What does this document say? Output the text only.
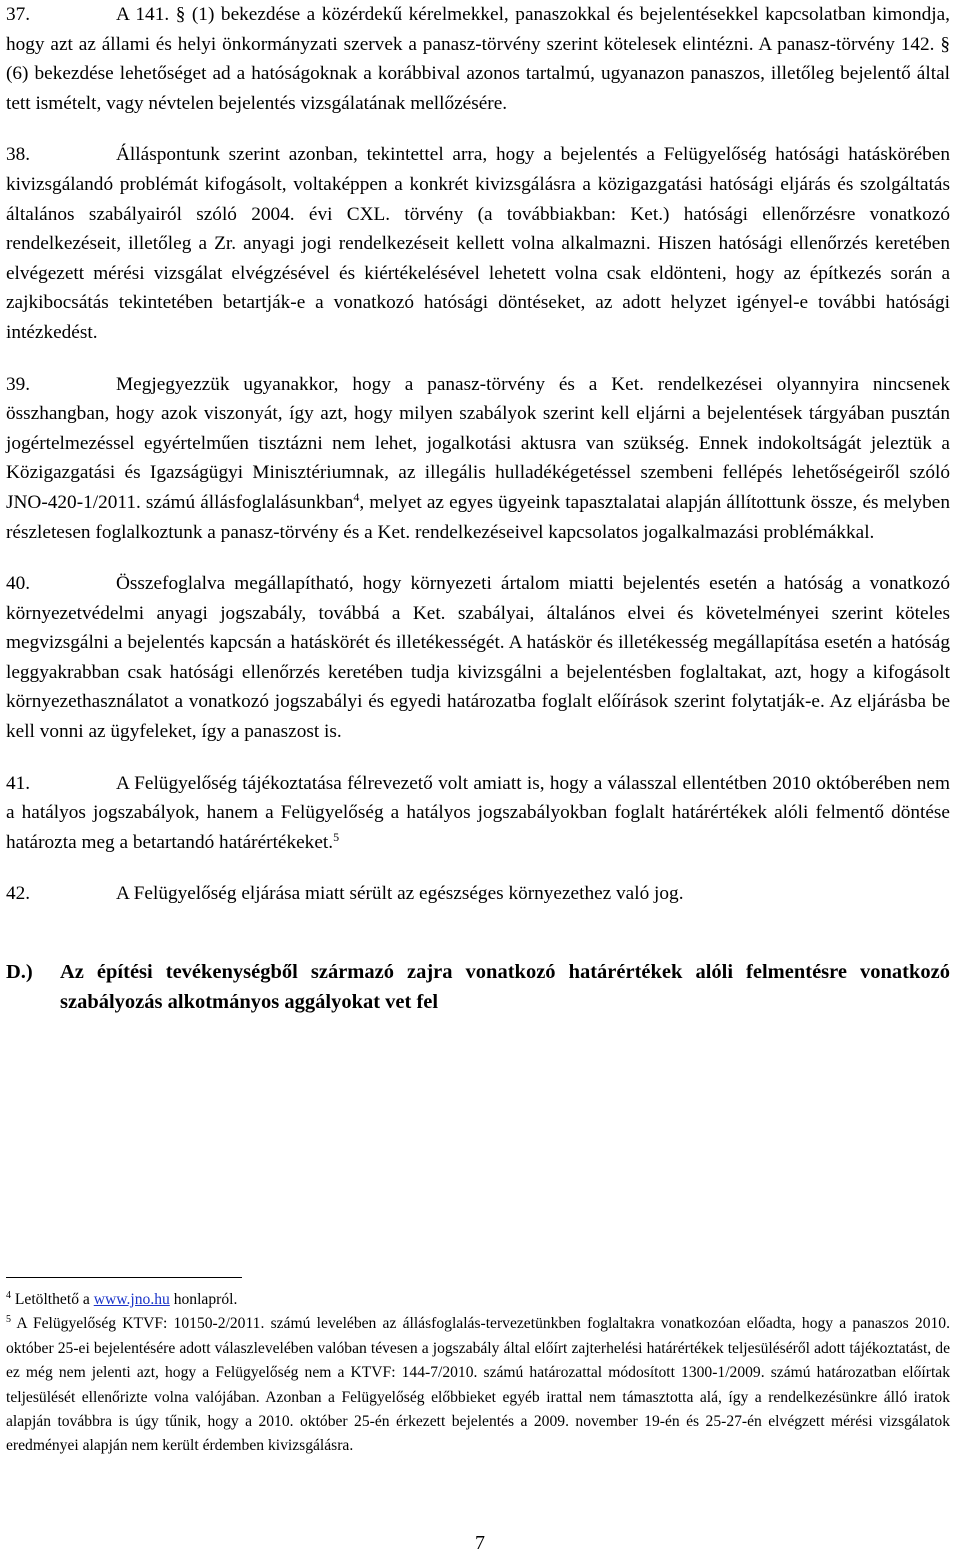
37.	A 141. § (1) bekezdése a közérdekű kérelmekkel, panaszokkal és bejelentésekkel kapcsolatban kimondja, hogy azt az állami és helyi önkormányzati szervek a panasz-törvény szerint kötelesek elintézni. A panasz-törvény 142. § (6) bekezdése lehetőséget ad a hatóságoknak a korábbival azonos tartalmú, ugyanazon panaszos, illetőleg bejelentő által tett ismételt, vagy névtelen bejelentés vizsgálatának mellőzésére.

38.	Álláspontunk szerint azonban, tekintettel arra, hogy a bejelentés a Felügyelőség hatósági hatáskörében kivizsgálandó problémát kifogásolt, voltaképpen a konkrét kivizsgálásra a közigazgatási hatósági eljárás és szolgáltatás általános szabályairól szóló 2004. évi CXL. törvény (a továbbiakban: Ket.) hatósági ellenőrzésre vonatkozó rendelkezéseit, illetőleg a Zr. anyagi jogi rendelkezéseit kellett volna alkalmazni. Hiszen hatósági ellenőrzés keretében elvégezett mérési vizsgálat elvégzésével és kiértékelésével lehetett volna csak eldönteni, hogy az építkezés során a zajkibocsátás tekintetében betartják-e a vonatkozó hatósági döntéseket, az adott helyzet igényel-e további hatósági intézkedést.

39.	Megjegyezzük ugyanakkor, hogy a panasz-törvény és a Ket. rendelkezései olyannyira nincsenek összhangban, hogy azok viszonyát, így azt, hogy milyen szabályok szerint kell eljárni a bejelentések tárgyában pusztán jogértelmezéssel egyértelműen tisztázni nem lehet, jogalkotási aktusra van szükség. Ennek indokoltságát jeleztük a Közigazgatási és Igazságügyi Minisztériumnak, az illegális hulladékégetéssel szembeni fellépés lehetőségeiről szóló JNO-420-1/2011. számú állásfoglalásunkban$^4$, melyet az egyes ügyeink tapasztalatai alapján állítottunk össze, és melyben részletesen foglalkoztunk a panasz-törvény és a Ket. rendelkezéseivel kapcsolatos jogalkalmazási problémákkal.

40.	Összefoglalva megállapítható, hogy környezeti ártalom miatti bejelentés esetén a hatóság a vonatkozó környezetvédelmi anyagi jogszabály, továbbá a Ket. szabályai, általános elvei és követelményei szerint köteles megvizsgálni a bejelentés kapcsán a hatáskörét és illetékességét. A hatáskör és illetékesség megállapítása esetén a hatóság leggyakrabban csak hatósági ellenőrzés keretében tudja kivizsgálni a bejelentésben foglaltakat, azt, hogy a kifogásolt környezethasználatot a vonatkozó jogszabályi és egyedi határozatba foglalt előírások szerint folytatják-e. Az eljárásba be kell vonni az ügyfeleket, így a panaszost is.

41.	A Felügyelőség tájékoztatása félrevezető volt amiatt is, hogy a válasszal ellentétben 2010 októberében nem a hatályos jogszabályok, hanem a Felügyelőség a hatályos jogszabályokban foglalt határértékek alóli felmentő döntése határozta meg a betartandó határértékeket.$^5$

42.	A Felügyelőség eljárása miatt sérült az egészséges környezethez való jog.

D.)	Az építési tevékenységből származó zajra vonatkozó határértékek alóli felmentésre vonatkozó szabályozás alkotmányos aggályokat vet fel

$^4$ Letölthető a www.jno.hu honlapról.

$^5$ A Felügyelőség KTVF: 10150-2/2011. számú levelében az állásfoglalás-tervezetünkben foglaltakra vonatkozóan előadta, hogy a panaszos 2010. október 25-ei bejelentésére adott válaszlevelében valóban tévesen a jogszabály által előírt zajterhelési határértékek teljesüléséről adott tájékoztatást, de ez még nem jelenti azt, hogy a Felügyelőség nem a KTVF: 144-7/2010. számú határozattal módosított 1300-1/2009. számú határozatban előírtak teljesülését ellenőrizte volna valójában. Azonban a Felügyelőség előbbieket egyéb irattal nem támasztotta alá, így a rendelkezésünkre álló iratok alapján továbbra is úgy tűnik, hogy a 2010. október 25-én érkezett bejelentés a 2009. november 19-én és 25-27-én elvégzett mérési vizsgálatok eredményei alapján nem került érdemben kivizsgálásra.

7
